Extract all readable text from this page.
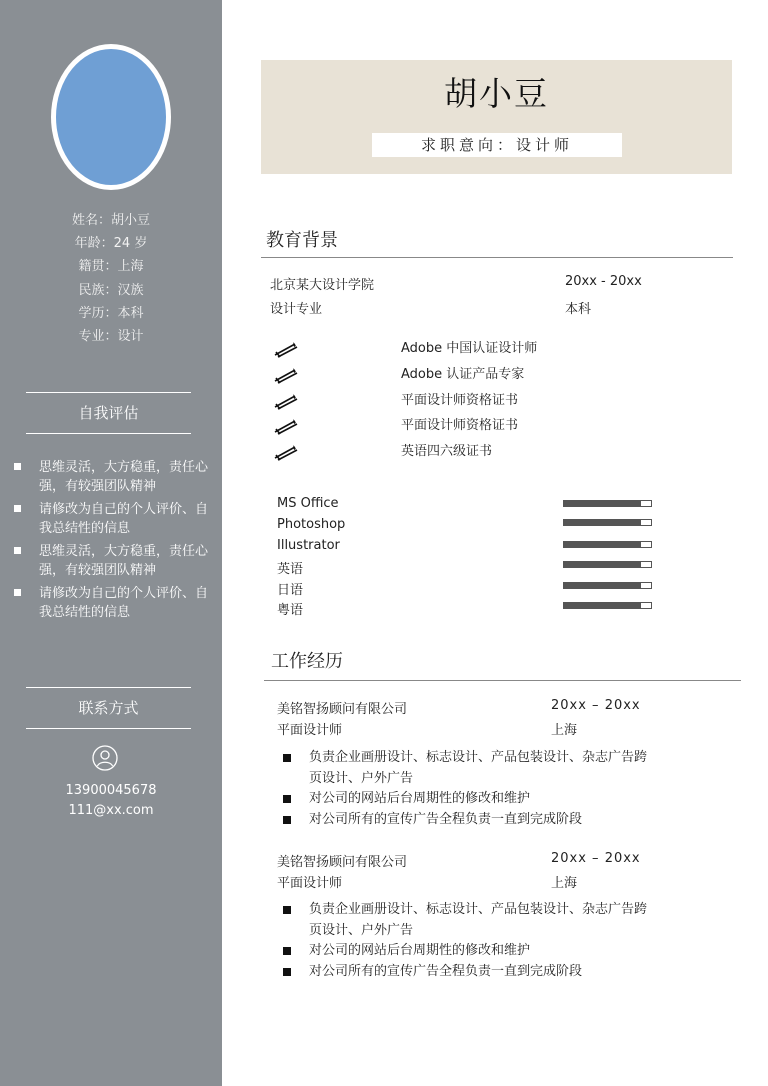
姓名：胡小豆
年龄：24 岁
籍贯：上海
民族：汉族
学历：本科
专业：设计
自我评估
思维灵活，大方稳重，责任心强，有较强团队精神
请修改为自己的个人评价、自我总结性的信息
思维灵活，大方稳重，责任心强，有较强团队精神
请修改为自己的个人评价、自我总结性的信息
联系方式
13900045678
111@xx.com
胡小豆
求职意向：设计师
教育背景
北京某大设计学院	20xx - 20xx
设计专业	本科
Adobe 中国认证设计师
Adobe 认证产品专家
平面设计师资格证书
平面设计师资格证书
英语四六级证书
MS Office
Photoshop
Illustrator
英语
日语
粤语
工作经历
美铭智扬顾问有限公司	20xx – 20xx
平面设计师	上海
负责企业画册设计、标志设计、产品包装设计、杂志广告跨页设计、户外广告
对公司的网站后台周期性的修改和维护
对公司所有的宣传广告全程负责一直到完成阶段
美铭智扬顾问有限公司	20xx – 20xx
平面设计师	上海
负责企业画册设计、标志设计、产品包装设计、杂志广告跨页设计、户外广告
对公司的网站后台周期性的修改和维护
对公司所有的宣传广告全程负责一直到完成阶段
